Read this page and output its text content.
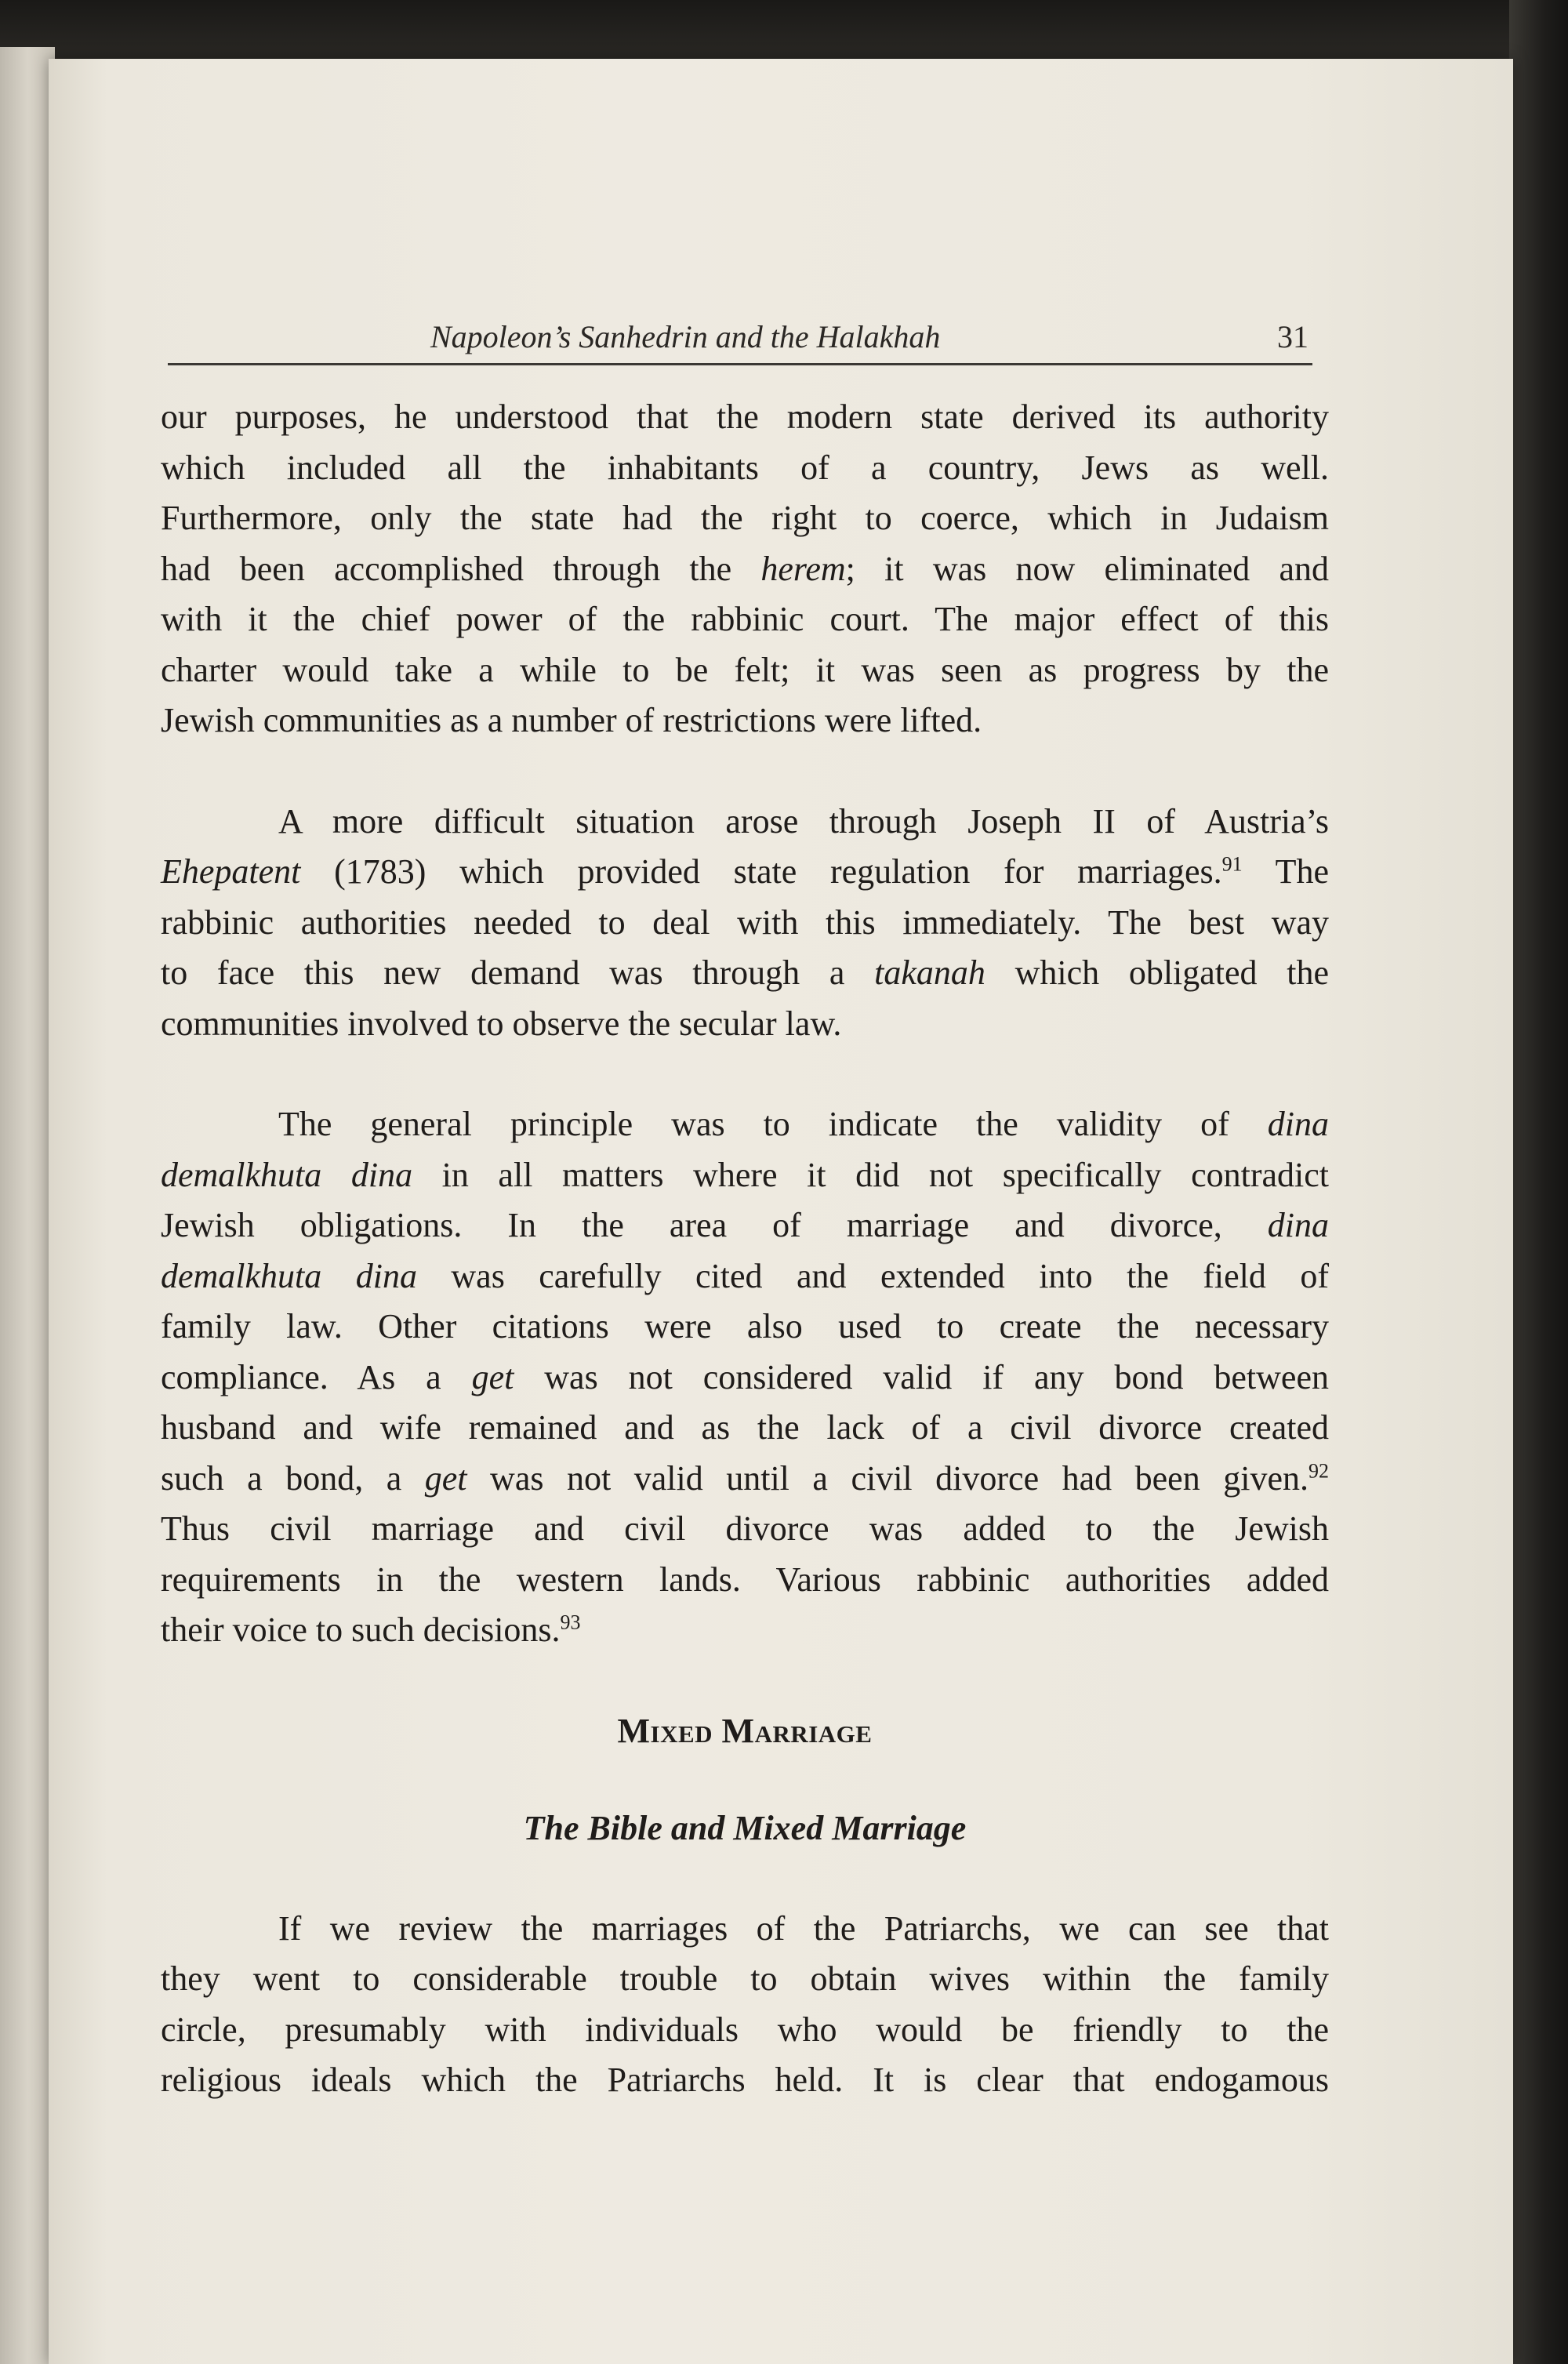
Napoleon’s Sanhedrin and the Halakhah	31
our purposes, he understood that the modern state derived its authority
which included all the inhabitants of a country, Jews as well.
Furthermore, only the state had the right to coerce, which in Judaism
had been accomplished through the herem; it was now eliminated and
with it the chief power of the rabbinic court. The major effect of this
charter would take a while to be felt; it was seen as progress by the
Jewish communities as a number of restrictions were lifted.
A more difficult situation arose through Joseph II of Austria’s
Ehepatent (1783) which provided state regulation for marriages.$^{91}$ The
rabbinic authorities needed to deal with this immediately. The best way
to face this new demand was through a takanah which obligated the
communities involved to observe the secular law.
The general principle was to indicate the validity of dina
demalkhuta dina in all matters where it did not specifically contradict
Jewish obligations. In the area of marriage and divorce, dina
demalkhuta dina was carefully cited and extended into the field of
family law. Other citations were also used to create the necessary
compliance. As a get was not considered valid if any bond between
husband and wife remained and as the lack of a civil divorce created
such a bond, a get was not valid until a civil divorce had been given.$^{92}$
Thus civil marriage and civil divorce was added to the Jewish
requirements in the western lands. Various rabbinic authorities added
their voice to such decisions.$^{93}$
Mixed Marriage
The Bible and Mixed Marriage
If we review the marriages of the Patriarchs, we can see that
they went to considerable trouble to obtain wives within the family
circle, presumably with individuals who would be friendly to the
religious ideals which the Patriarchs held. It is clear that endogamous
